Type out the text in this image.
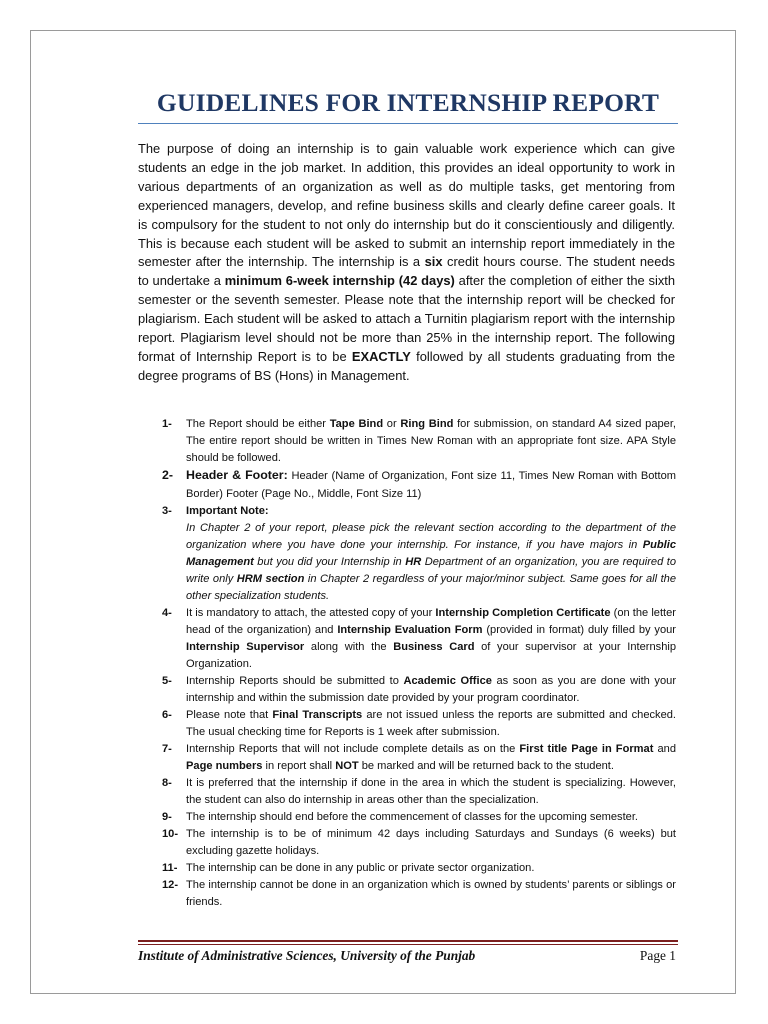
GUIDELINES FOR INTERNSHIP REPORT

The purpose of doing an internship is to gain valuable work experience which can give students an edge in the job market. In addition, this provides an ideal opportunity to work in various departments of an organization as well as do multiple tasks, get mentoring from experienced managers, develop, and refine business skills and clearly define career goals. It is compulsory for the student to not only do internship but do it conscientiously and diligently. This is because each student will be asked to submit an internship report immediately in the semester after the internship. The internship is a six credit hours course. The student needs to undertake a minimum 6-week internship (42 days) after the completion of either the sixth semester or the seventh semester. Please note that the internship report will be checked for plagiarism. Each student will be asked to attach a Turnitin plagiarism report with the internship report. Plagiarism level should not be more than 25% in the internship report. The following format of Internship Report is to be EXACTLY followed by all students graduating from the degree programs of BS (Hons) in Management.

1- The Report should be either Tape Bind or Ring Bind for submission, on standard A4 sized paper, The entire report should be written in Times New Roman with an appropriate font size. APA Style should be followed.
2- Header & Footer: Header (Name of Organization, Font size 11, Times New Roman with Bottom Border) Footer (Page No., Middle, Font Size 11)
3- Important Note:
In Chapter 2 of your report, please pick the relevant section according to the department of the organization where you have done your internship. For instance, if you have majors in Public Management but you did your Internship in HR Department of an organization, you are required to write only HRM section in Chapter 2 regardless of your major/minor subject. Same goes for all the other specialization students.
4- It is mandatory to attach, the attested copy of your Internship Completion Certificate (on the letter head of the organization) and Internship Evaluation Form (provided in format) duly filled by your Internship Supervisor along with the Business Card of your supervisor at your Internship Organization.
5- Internship Reports should be submitted to Academic Office as soon as you are done with your internship and within the submission date provided by your program coordinator.
6- Please note that Final Transcripts are not issued unless the reports are submitted and checked. The usual checking time for Reports is 1 week after submission.
7- Internship Reports that will not include complete details as on the First title Page in Format and Page numbers in report shall NOT be marked and will be returned back to the student.
8- It is preferred that the internship if done in the area in which the student is specializing. However, the student can also do internship in areas other than the specialization.
9- The internship should end before the commencement of classes for the upcoming semester.
10- The internship is to be of minimum 42 days including Saturdays and Sundays (6 weeks) but excluding gazette holidays.
11- The internship can be done in any public or private sector organization.
12- The internship cannot be done in an organization which is owned by students’ parents or siblings or friends.
Institute of Administrative Sciences, University of the Punjab	Page 1
